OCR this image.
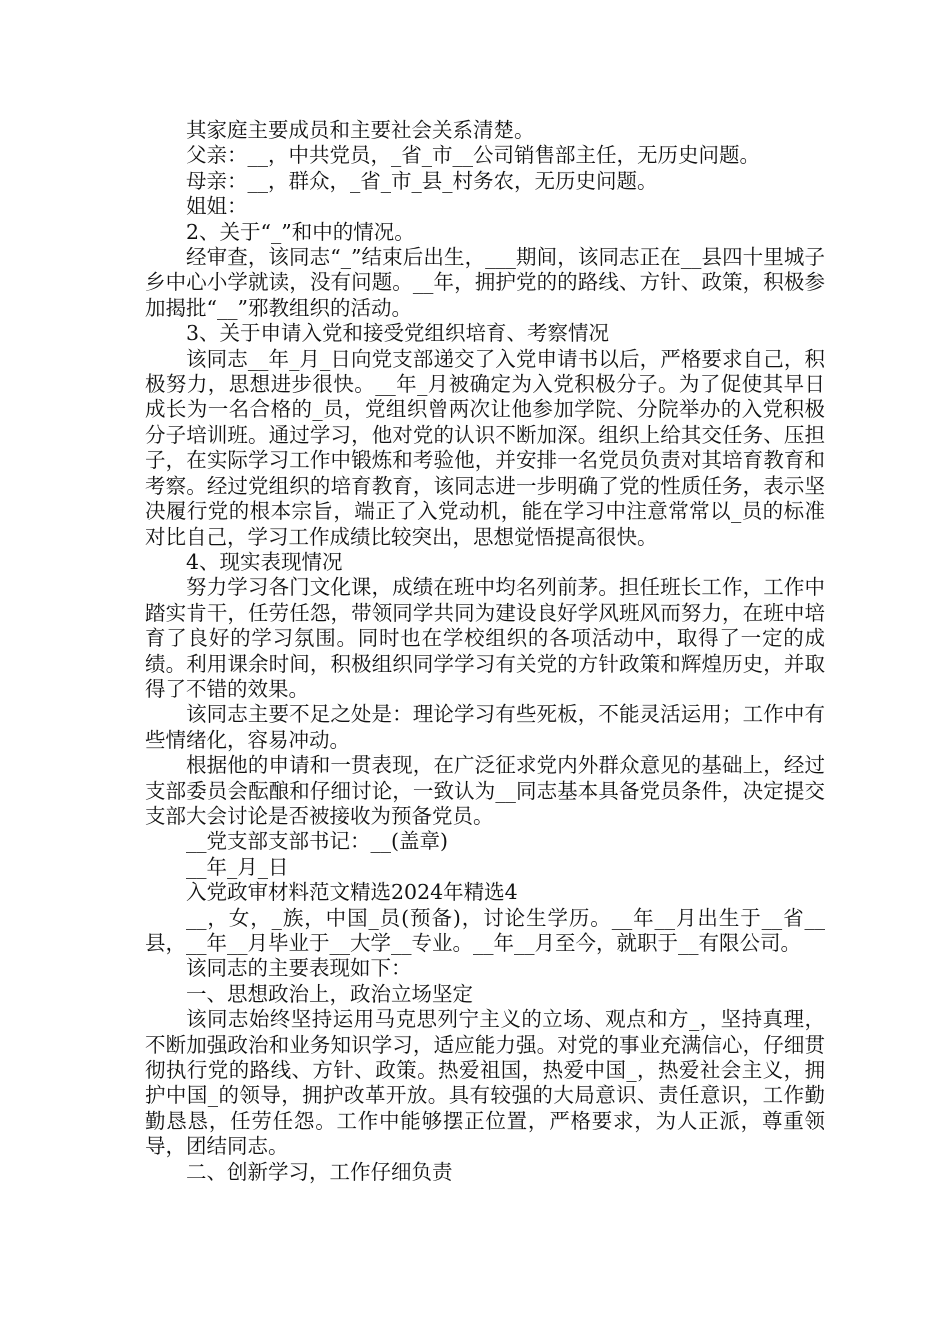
其家庭主要成员和主要社会关系清楚。

父亲：__，中共党员，_省_市__公司销售部主任，无历史问题。

母亲：__，群众，_省_市_县_村务农，无历史问题。

姐姐：

2、关于“_”和中的情况。

经审查，该同志“_”结束后出生，___期间，该同志正在__县四十里城子乡中心小学就读，没有问题。__年，拥护党的的路线、方针、政策，积极参加揭批“__”邪教组织的活动。

3、关于申请入党和接受党组织培育、考察情况

该同志__年_月_日向党支部递交了入党申请书以后，严格要求自己，积极努力，思想进步很快。__年_月被确定为入党积极分子。为了促使其早日成长为一名合格的_员，党组织曾两次让他参加学院、分院举办的入党积极分子培训班。通过学习，他对党的认识不断加深。组织上给其交任务、压担子，在实际学习工作中锻炼和考验他，并安排一名党员负责对其培育教育和考察。经过党组织的培育教育，该同志进一步明确了党的性质任务，表示坚决履行党的根本宗旨，端正了入党动机，能在学习中注意常常以_员的标准对比自己，学习工作成绩比较突出，思想觉悟提高很快。

4、现实表现情况

努力学习各门文化课，成绩在班中均名列前茅。担任班长工作，工作中踏实肯干，任劳任怨，带领同学共同为建设良好学风班风而努力，在班中培育了良好的学习氛围。同时也在学校组织的各项活动中，取得了一定的成绩。利用课余时间，积极组织同学学习有关党的方针政策和辉煌历史，并取得了不错的效果。

该同志主要不足之处是：理论学习有些死板，不能灵活运用；工作中有些情绪化，容易冲动。

根据他的申请和一贯表现，在广泛征求党内外群众意见的基础上，经过支部委员会酝酿和仔细讨论，一致认为__同志基本具备党员条件，决定提交支部大会讨论是否被接收为预备党员。

__党支部支部书记：__(盖章)

__年_月_日

入党政审材料范文精选2024年精选4

__，女，_族，中国_员(预备)，讨论生学历。__年__月出生于__省__县，__年__月毕业于__大学__专业。__年__月至今，就职于__有限公司。

该同志的主要表现如下：

一、思想政治上，政治立场坚定

该同志始终坚持运用马克思列宁主义的立场、观点和方_，坚持真理，不断加强政治和业务知识学习，适应能力强。对党的事业充满信心，仔细贯彻执行党的路线、方针、政策。热爱祖国，热爱中国_，热爱社会主义，拥护中国_的领导，拥护改革开放。具有较强的大局意识、责任意识，工作勤勤恳恳，任劳任怨。工作中能够摆正位置，严格要求，为人正派，尊重领导，团结同志。

二、创新学习，工作仔细负责
